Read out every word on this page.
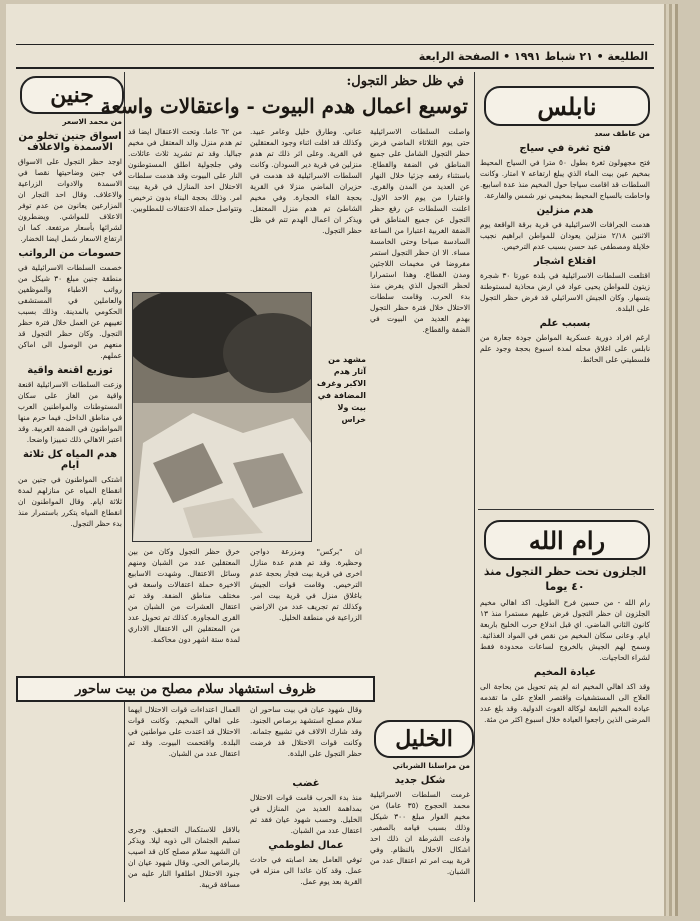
الطليعة • ٢١ شباط ١٩٩١ • الصفحة الرابعة
جنين
من محمد الاسعر
اسواق جنين تخلو من الاسمدة والاعلاف

اوجد حظر التجول على الاسواق في جنين وضاحيتها نقصا في الاسمدة والادوات الزراعية والاعلاف. وقال احد التجار ان المزارعين يعانون من عدم توفر الاعلاف للمواشي. ويضطرون لشرائها بأسعار مرتفعة. كما ان ارتفاع الاسعار شمل ايضا الخضار.

حسومات من الرواتب

خصمت السلطات الاسرائيلية في منطقة جنين مبلغ ٣٠ شيكل من رواتب الاطباء والموظفين والعاملين في المستشفى الحكومي بالمدينة. وذلك بسبب تغيبهم عن العمل خلال فترة حظر التجول. وكان حظر التجول قد منعهم من الوصول الى اماكن عملهم.

توزيع اقنعة واقية

وزعت السلطات الاسرائيلية اقنعة واقية من الغاز على سكان المستوطنات والمواطنين العرب في مناطق الداخل. فيما حرم منها المواطنون في الضفة الغربية. وقد اعتبر الاهالي ذلك تمييزا واضحا.

هدم المياه كل ثلاثة ايام

اشتكى المواطنون في جنين من انقطاع المياه عن منازلهم لمدة ثلاثة ايام. وقال المواطنون ان انقطاع المياه يتكرر باستمرار منذ بدء حظر التجول.

في ظل حظر التجول:
توسيع اعمال هدم البيوت - واعتقالات واسعة

واصلت السلطات الاسرائيلية حتى يوم الثلاثاء الماضي فرض حظر التجول الشامل على جميع المناطق في الضفة والقطاع. باستثناء رفعه جزئيا خلال النهار عن العديد من المدن والقرى. واعتبارا من يوم الاحد الاول. اعلنت السلطات عن رفع حظر التجول عن جميع المناطق في الضفة الغربية اعتبارا من الساعة السادسة صباحا وحتى الخامسة مساء. الا ان حظر التجول استمر مفروضا في مخيمات اللاجئين ومدن القطاع. وهذا استمرارا لحظر التجول الذي يفرض منذ بدء الحرب. وقامت سلطات الاحتلال خلال فترة حظر التجول بهدم العديد من البيوت في الضفة والقطاع.

عناني. وطارق خليل وعامر عبيد. وكذلك قد افلت اثناء وجود المعتقلين في القرية. وعلى اثر ذلك تم هدم منزلين في قرية دير السودان. وكانت السلطات الاسرائيلية قد هدمت في حزيران الماضي منزلا في القرية بحجة القاء الحجارة. وفي مخيم الشاطئ تم هدم منزل المعتقل. ويذكر ان اعمال الهدم تتم في ظل حظر التجول.

من ٦٢ عاما. وتحت الاعتقال ايضا قد تم هدم منزل والد المعتقل في مخيم جباليا. وقد تم تشريد ثلاث عائلات. وفي جلجولية اطلق المستوطنون النار على البيوت وقد هدمت سلطات الاحتلال احد المنازل في قرية بيت امر. وذلك بحجة البناء بدون ترخيص. وتتواصل حملة الاعتقالات للمطلوبين.

مشهد من آثار هدم الاكبر وغرف المضافة في بيت ولا خراس

خرق حظر التجول وكان من بين المعتقلين عدد من الشبان ومنهم وسائل الاعتقال. وشهدت الاسابيع الاخيرة حملة اعتقالات واسعة في مختلف مناطق الضفة. وقد تم اعتقال العشرات من الشبان من القرى المجاورة. كذلك تم تحويل عدد من المعتقلين الى الاعتقال الاداري لمدة ستة اشهر دون محاكمة.

ان "بركس" ومزرعة دواجن وحظيرة. وقد تم هدم عدة منازل اخرى في قرية بيت فجار بحجة عدم الترخيص. وقامت قوات الجيش باغلاق منزل في قرية بيت امر. وكذلك تم تجريف عدد من الاراضي الزراعية في منطقة الخليل.

ظروف استشهاد سلام مصلح من بيت ساحور

وقال شهود عيان في بيت ساحور ان سلام مصلح استشهد برصاص الجنود. وقد شارك الالاف في تشييع جثمانه. وكانت قوات الاحتلال قد فرضت حظر التجول على البلدة.

العمال اعتداءات قوات الاحتلال ايهما على اهالي المخيم. وكانت قوات الاحتلال قد اعتدت على مواطنين في البلدة. واقتحمت البيوت. وقد تم اعتقال عدد من الشبان.

الخليل
من مراسلنا الشرباتي
شكل جديد

غرمت السلطات الاسرائيلية محمد الحجوج (٣٥ عاما) من مخيم الفوار مبلغ ٣٠٠ شيكل وذلك بسبب قيامه بالصفير. وادعت الشرطة ان ذلك احد اشكال الاخلال بالنظام. وفي قرية بيت امر تم اعتقال عدد من الشبان.

غضب

منذ بدء الحرب قامت قوات الاحتلال بمداهمة العديد من المنازل في الخليل. وحسب شهود عيان فقد تم اعتقال عدد من الشبان.

عمال لطوطمي

توفي العامل بعد اصابته في حادث عمل. وقد كان عائدا الى منزله في القرية بعد يوم عمل.

بالاقل للاستكمال التحقيق. وجرى تسليم الجثمان الى ذويه ليلا. ويذكر ان الشهيد سلام مصلح كان قد اصيب بالرصاص الحي. وقال شهود عيان ان جنود الاحتلال اطلقوا النار عليه من مسافة قريبة.

نابلس
من عاطف سعد
فتح ثغرة في سياج

فتح مجهولون ثغرة بطول ٥٠ مترا في السياج المحيط بمخيم عين بيت الماء الذي يبلغ ارتفاعه ٧ امتار. وكانت السلطات قد اقامت سياجا حول المخيم منذ عدة اسابيع. واحاطت بالسياج المحيط بمخيمي نور شمس والفارعة.

هدم منزلين

هدمت الجرافات الاسرائيلية في قرية برقة الواقعة يوم الاثنين ٢/١٨ منزلين يعودان للمواطن ابراهيم نجيب خلايلة ومصطفى عبد حسن بسبب عدم الترخيص.

اقتلاع اشجار

اقتلعت السلطات الاسرائيلية في بلدة عورتا ٣٠ شجرة زيتون للمواطن يحيى عواد في ارض محاذية لمستوطنة يتسهار. وكان الجيش الاسرائيلي قد فرض حظر التجول على البلدة.

بسبب علم

ارغم افراد دورية عسكرية المواطن جودة جعارة من نابلس على اغلاق محله لمدة اسبوع بحجة وجود علم فلسطيني على الحائط.

رام الله
الجلزون تحت حظر التجول منذ ٤٠ يوما

رام الله - من حسين فرح الطويل. اكد اهالي مخيم الجلزون ان حظر التجول فرض عليهم مستمرا منذ ١٣ كانون الثاني الماضي. اي قبل اندلاع حرب الخليج باربعة ايام. وعانى سكان المخيم من نقص في المواد الغذائية. وسمح لهم الجيش بالخروج لساعات محدودة فقط لشراء الحاجيات.

عيادة المخيم

وقد اكد اهالي المخيم انه لم يتم تحويل من بحاجة الى العلاج الى المستشفيات واقتصر العلاج على ما تقدمه عيادة المخيم التابعة لوكالة الغوث الدولية. وقد بلغ عدد المرضى الذين راجعوا العيادة خلال اسبوع اكثر من مئة.
